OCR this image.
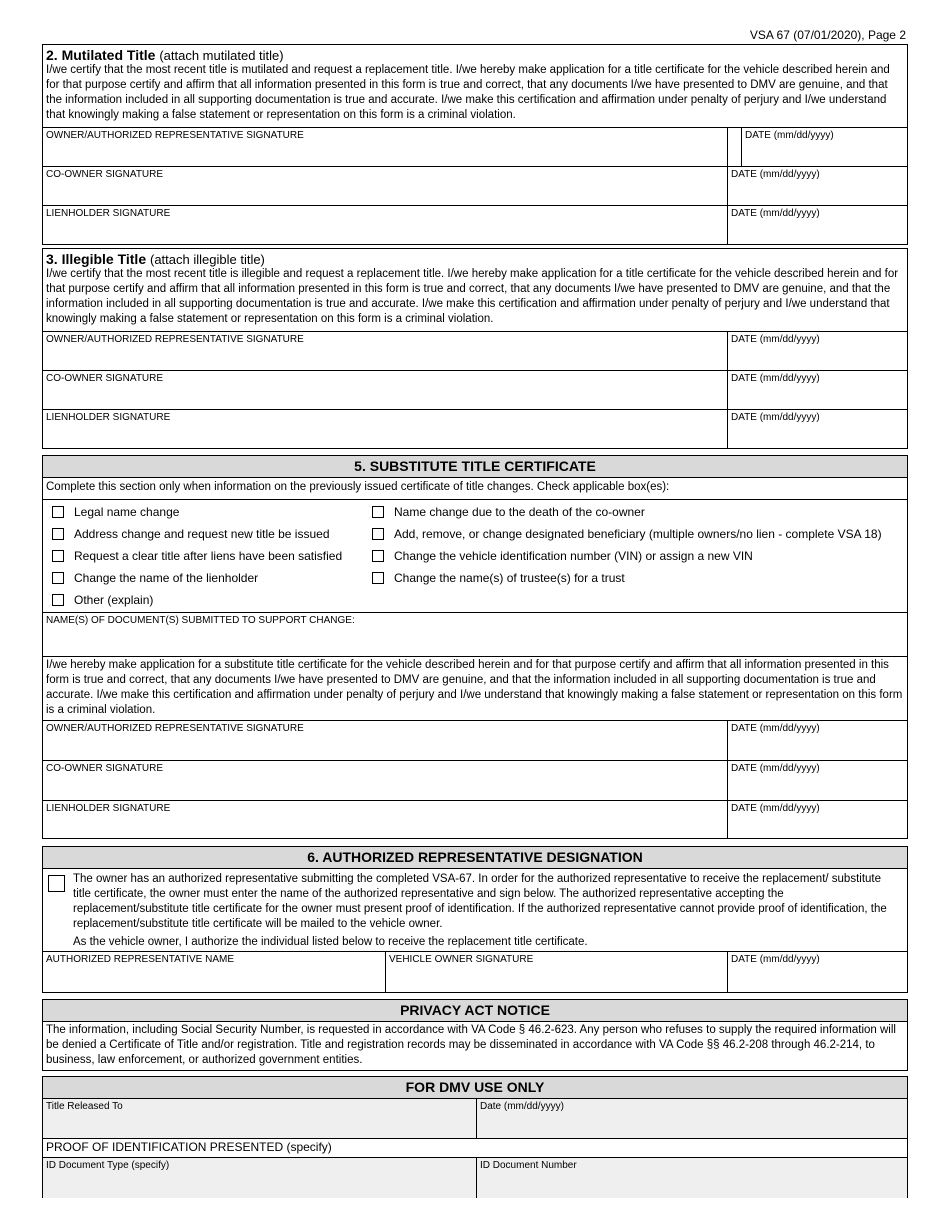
VSA 67 (07/01/2020), Page 2
2. Mutilated Title (attach mutilated title)
I/we certify that the most recent title is mutilated and request a replacement title. I/we hereby make application for a title certificate for the vehicle described herein and for that purpose certify and affirm that all information presented in this form is true and correct, that any documents I/we have presented to DMV are genuine, and that the information included in all supporting documentation is true and accurate. I/we make this certification and affirmation under penalty of perjury and I/we understand that knowingly making a false statement or representation on this form is a criminal violation.
OWNER/AUTHORIZED REPRESENTATIVE SIGNATURE	DATE (mm/dd/yyyy)
CO-OWNER SIGNATURE	DATE (mm/dd/yyyy)
LIENHOLDER SIGNATURE	DATE (mm/dd/yyyy)
3. Illegible Title (attach illegible title)
I/we certify that the most recent title is illegible and request a replacement title. I/we hereby make application for a title certificate for the vehicle described herein and for that purpose certify and affirm that all information presented in this form is true and correct, that any documents I/we have presented to DMV are genuine, and that the information included in all supporting documentation is true and accurate. I/we make this certification and affirmation under penalty of perjury and I/we understand that knowingly making a false statement or representation on this form is a criminal violation.
OWNER/AUTHORIZED REPRESENTATIVE SIGNATURE	DATE (mm/dd/yyyy)
CO-OWNER SIGNATURE	DATE (mm/dd/yyyy)
LIENHOLDER SIGNATURE	DATE (mm/dd/yyyy)
5. SUBSTITUTE TITLE CERTIFICATE
Complete this section only when information on the previously issued certificate of title changes. Check applicable box(es):
Legal name change
Address change and request new title be issued
Request a clear title after liens have been satisfied
Change the name of the lienholder
Other (explain)
Name change due to the death of the co-owner
Add, remove, or change designated beneficiary (multiple owners/no lien - complete VSA 18)
Change the vehicle identification number (VIN) or assign a new VIN
Change the name(s) of trustee(s) for a trust
NAME(S) OF DOCUMENT(S) SUBMITTED TO SUPPORT CHANGE:
I/we hereby make application for a substitute title certificate for the vehicle described herein and for that purpose certify and affirm that all information presented in this form is true and correct, that any documents I/we have presented to DMV are genuine, and that the information included in all supporting documentation is true and accurate. I/we make this certification and affirmation under penalty of perjury and I/we understand that knowingly making a false statement or representation on this form is a criminal violation.
OWNER/AUTHORIZED REPRESENTATIVE SIGNATURE	DATE (mm/dd/yyyy)
CO-OWNER SIGNATURE	DATE (mm/dd/yyyy)
LIENHOLDER SIGNATURE	DATE (mm/dd/yyyy)
6. AUTHORIZED REPRESENTATIVE DESIGNATION
The owner has an authorized representative submitting the completed VSA-67. In order for the authorized representative to receive the replacement/ substitute title certificate, the owner must enter the name of the authorized representative and sign below. The authorized representative accepting the replacement/substitute title certificate for the owner must present proof of identification. If the authorized representative cannot provide proof of identification, the replacement/substitute title certificate will be mailed to the vehicle owner.
As the vehicle owner, I authorize the individual listed below to receive the replacement title certificate.
AUTHORIZED REPRESENTATIVE NAME	VEHICLE OWNER SIGNATURE	DATE (mm/dd/yyyy)
PRIVACY ACT NOTICE
The information, including Social Security Number, is requested in accordance with VA Code § 46.2-623. Any person who refuses to supply the required information will be denied a Certificate of Title and/or registration. Title and registration records may be disseminated in accordance with VA Code §§ 46.2-208 through 46.2-214, to business, law enforcement, or authorized government entities.
FOR DMV USE ONLY
Title Released To	Date (mm/dd/yyyy)
PROOF OF IDENTIFICATION PRESENTED (specify)
ID Document Type (specify)	ID Document Number
